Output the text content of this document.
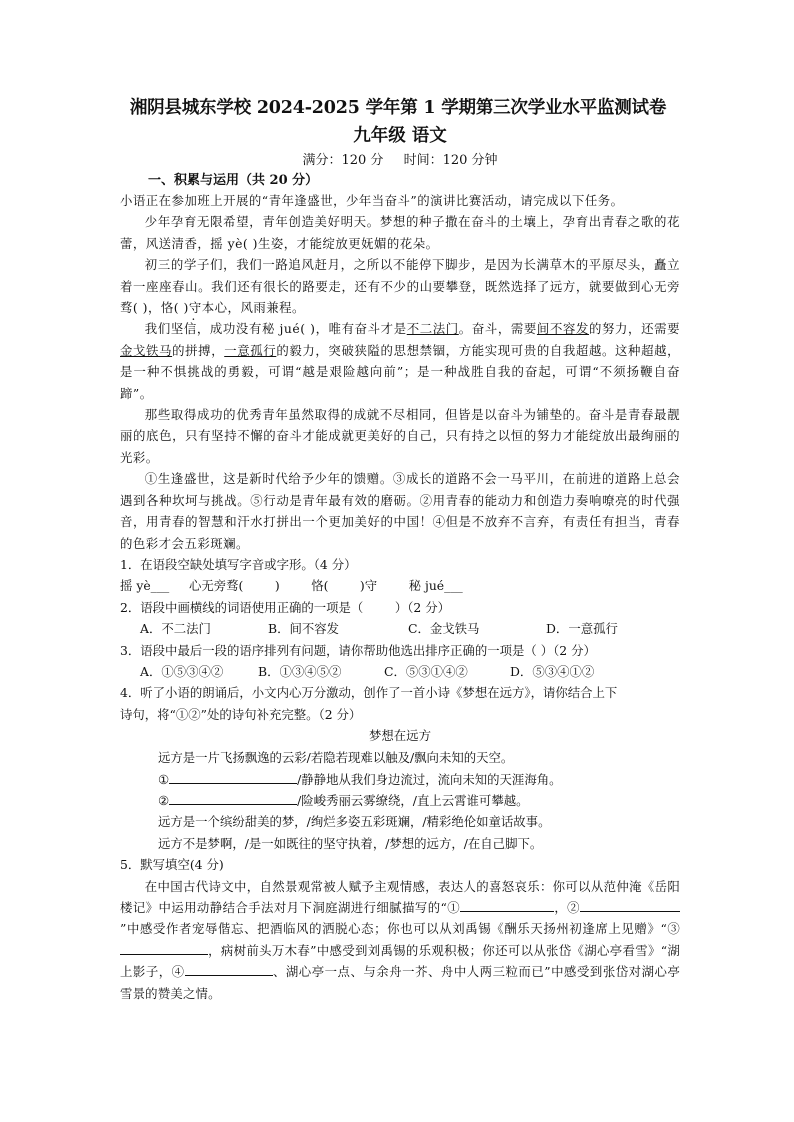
湘阴县城东学校 2024-2025 学年第 1 学期第三次学业水平监测试卷
九年级 语文
满分：120 分 时间：120 分钟
一、积累与运用（共 20 分）

小语正在参加班上开展的“青年逢盛世，少年当奋斗”的演讲比赛活动，请完成以下任务。

少年孕育无限希望，青年创造美好明天。梦想的种子撒在奋斗的土壤上，孕育出青春之歌的花蕾，风送清香，摇 yè( )生姿，才能绽放更妩媚的花朵。

初三的学子们，我们一路追风赶月，之所以不能停下脚步，是因为长满草木的平原尽头，矗立着一座座春山。我们还有很长的路要走，还有不少的山要攀登，既然选择了远方，就要做到心无旁骛( )，恪 .( )守本心，风雨兼程。

我们坚信，成功没有秘 jué( )，唯有奋斗才是不二法门。奋斗，需要间不容发的努力，还需要金戈铁马的拼搏，一意孤行的毅力，突破狭隘的思想禁锢，方能实现可贵的自我超越。这种超越，是一种不惧挑战的勇毅，可谓“越是艰险越向前”；是一种战胜自我的奋起，可谓“不须扬鞭自奋蹄”。

那些取得成功的优秀青年虽然取得的成就不尽相同，但皆是以奋斗为铺垫的。奋斗是青春最靓丽的底色，只有坚持不懈的奋斗才能成就更美好的自己，只有持之以恒的努力才能绽放出最绚丽的光彩。

①生逢盛世，这是新时代给予少年的馈赠。③成长的道路不会一马平川，在前进的道路上总会遇到各种坎坷与挑战。⑤行动是青年最有效的磨砺。②用青春的能动力和创造力奏响嘹亮的时代强音，用青春的智慧和汗水打拼出一个更加美好的中国！④但是不放弃不言弃，有责任有担当，青春的色彩才会五彩斑斓。

1．在语段空缺处填写字音或字形。（4 分）

摇 yè___     心无旁骛(        )        恪(        )守        秘 jué___

2．语段中画横线的词语使用正确的一项是（        ）（2 分）

A．不二法门	B．间不容发	C．金戈铁马	D．一意孤行

3．语段中最后一段的语序排列有问题，请你帮助他选出排序正确的一项是（ ）（2 分）

A．①⑤③④②	B．①③④⑤②	C．⑤③①④②	D．⑤③④①②

4．听了小语的朗诵后，小文内心万分激动，创作了一首小诗《梦想在远方》，请你结合上下

诗句，将“①②”处的诗句补充完整。（2 分）

梦想在远方
远方是一片飞扬飘逸的云彩/若隐若现难以触及/飘向未知的天空。
①	/静静地从我们身边流过，流向未知的天涯海角。
②	/险峻秀丽云雾缭绕，/直上云霄谁可攀越。
远方是一个缤纷甜美的梦，/绚烂多姿五彩斑斓，/精彩绝伦如童话故事。
远方不是梦啊，/是一如既往的坚守执着，/梦想的远方，/在自己脚下。

5．默写填空(4 分)

在中国古代诗文中，自然景观常被人赋予主观情感，表达人的喜怒哀乐：你可以从范仲淹《岳阳楼记》中运用动静结合手法对月下洞庭湖进行细腻描写的“①	，②”中感受作者宠辱偕忘、把酒临风的洒脱心态；你也可以从刘禹锡《酬乐天扬州初逢席上见赠》“③，病树前头万木春”中感受到刘禹锡的乐观积极；你还可以从张岱《湖心亭看雪》“湖上影子，④	、湖心亭一点、与余舟一芥、舟中人两三粒而已”中感受到张岱对湖心亭雪景的赞美之情。
